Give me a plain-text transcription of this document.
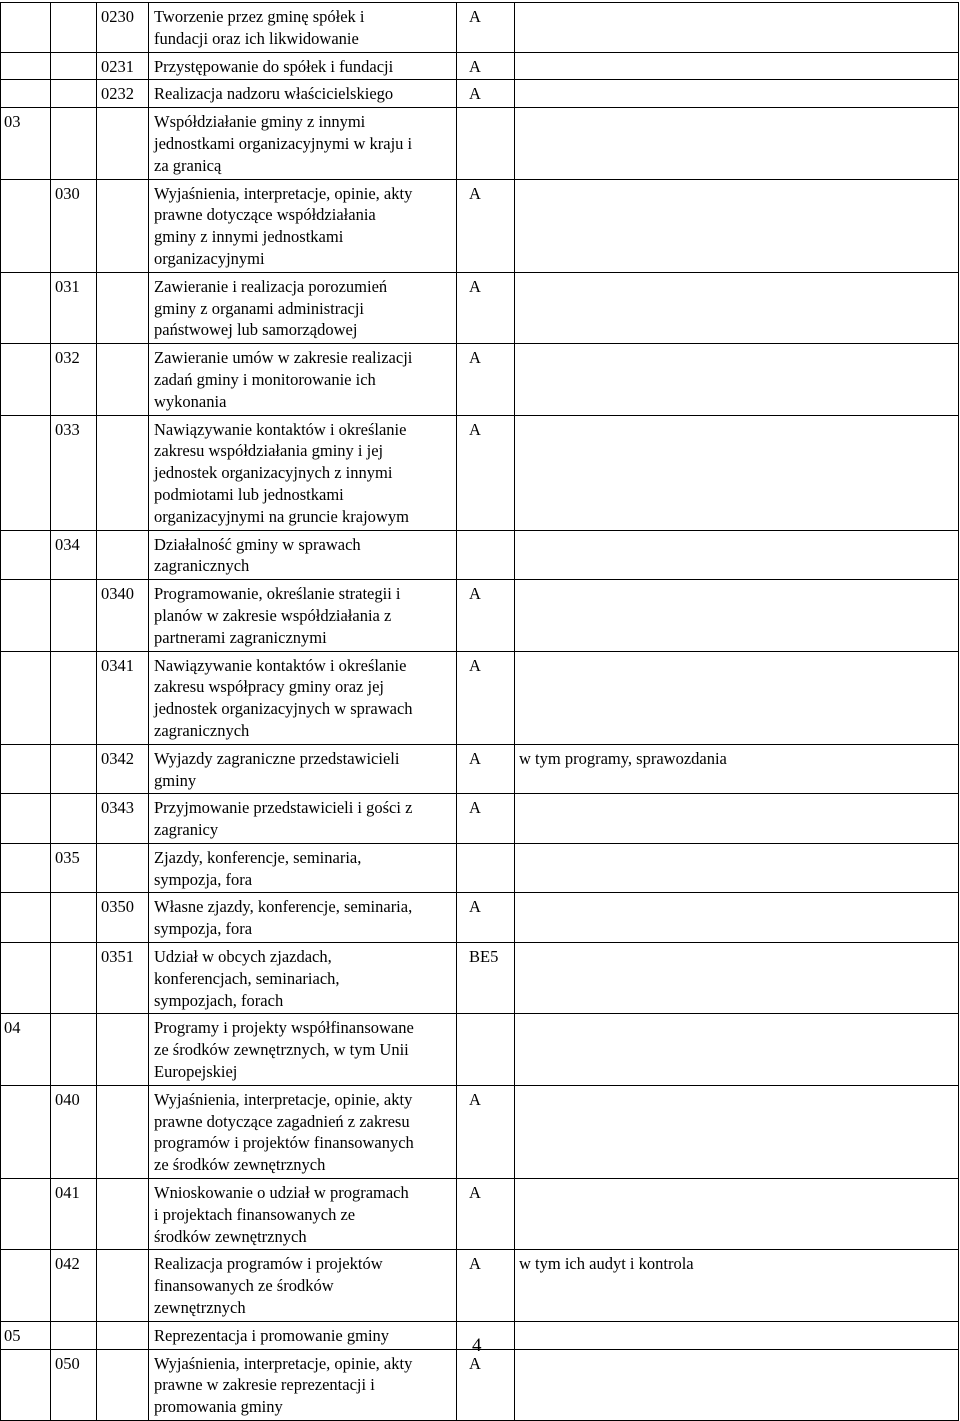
		0230	Tworzenie przez gminę spółek i
fundacji oraz ich likwidowanie	A	
		0231	Przystępowanie do spółek i fundacji	A	
		0232	Realizacja nadzoru właścicielskiego	A	
03			Współdziałanie gminy z innymi
jednostkami organizacyjnymi w kraju i
za granicą		
	030		Wyjaśnienia, interpretacje, opinie, akty
prawne dotyczące współdziałania
gminy z innymi jednostkami
organizacyjnymi	A	
	031		Zawieranie i realizacja porozumień
gminy z organami administracji
państwowej lub samorządowej	A	
	032		Zawieranie umów w zakresie realizacji
zadań gminy i monitorowanie ich
wykonania	A	
	033		Nawiązywanie kontaktów i określanie
zakresu współdziałania gminy i jej
jednostek organizacyjnych z innymi
podmiotami lub jednostkami
organizacyjnymi na gruncie krajowym	A	
	034		Działalność gminy w sprawach
zagranicznych		
		0340	Programowanie, określanie strategii i
planów w zakresie współdziałania z
partnerami zagranicznymi	A	
		0341	Nawiązywanie kontaktów i określanie
zakresu współpracy gminy oraz jej
jednostek organizacyjnych w sprawach
zagranicznych	A	
		0342	Wyjazdy zagraniczne przedstawicieli
gminy	A	w tym programy, sprawozdania
		0343	Przyjmowanie przedstawicieli i gości z
zagranicy	A	
	035		Zjazdy, konferencje, seminaria,
sympozja, fora		
		0350	Własne zjazdy, konferencje, seminaria,
sympozja, fora	A	
		0351	Udział w obcych zjazdach,
konferencjach, seminariach,
sympozjach, forach	BE5	
04			Programy i projekty współfinansowane
ze środków zewnętrznych, w tym Unii
Europejskiej		
	040		Wyjaśnienia, interpretacje, opinie, akty
prawne dotyczące zagadnień z zakresu
programów i projektów finansowanych
ze środków zewnętrznych	A	
	041		Wnioskowanie o udział w programach
i projektach finansowanych ze
środków zewnętrznych	A	
	042		Realizacja programów i projektów
finansowanych ze środków
zewnętrznych	A	w tym ich audyt i kontrola
05			Reprezentacja i promowanie gminy		
	050		Wyjaśnienia, interpretacje, opinie, akty
prawne w zakresie reprezentacji i
promowania gminy	A	
4
